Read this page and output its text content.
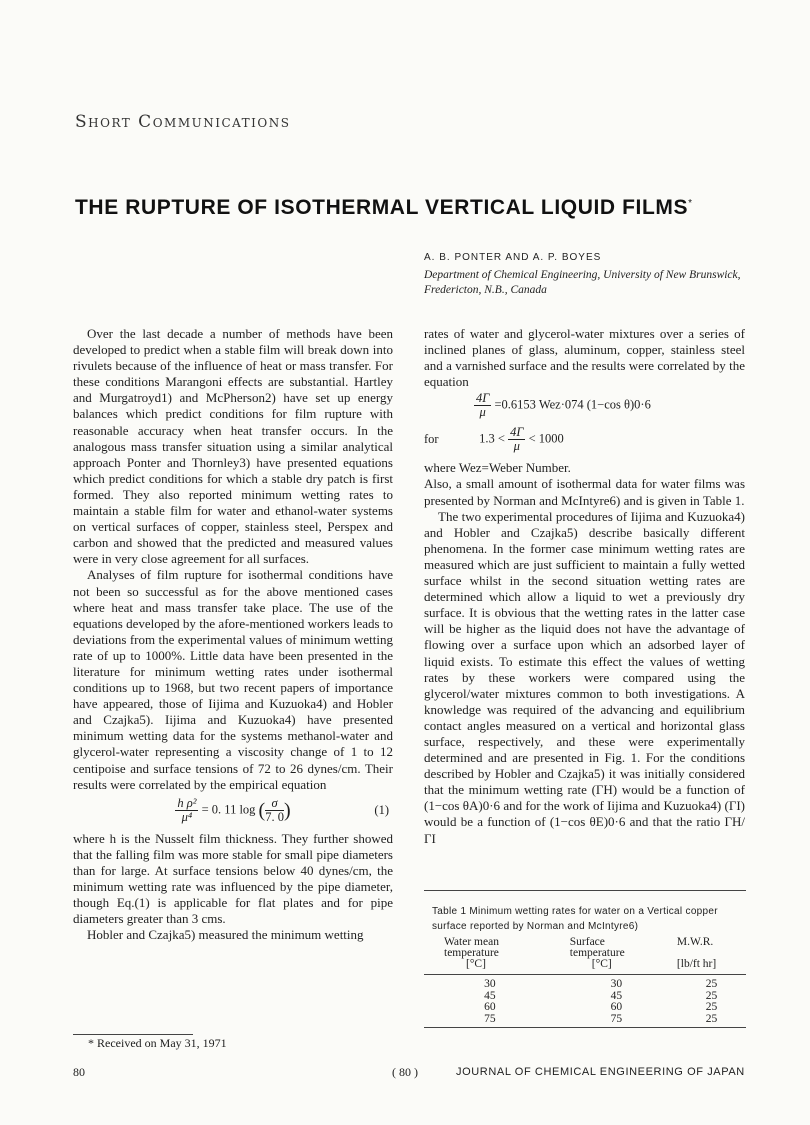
Short Communications
THE RUPTURE OF ISOTHERMAL VERTICAL LIQUID FILMS*
A. B. PONTER AND A. P. BOYES
Department of Chemical Engineering, University of New Brunswick,
Fredericton, N.B., Canada

Over the last decade a number of methods have been developed to predict when a stable film will break down into rivulets because of the influence of heat or mass transfer. For these conditions Marangoni effects are substantial. Hartley and Murgatroyd1) and McPherson2) have set up energy balances which predict conditions for film rupture with reasonable accuracy when heat transfer occurs. In the analogous mass transfer situation using a similar analytical approach Ponter and Thornley3) have presented equations which predict conditions for which a stable dry patch is first formed. They also reported minimum wetting rates to maintain a stable film for water and ethanol-water systems on vertical surfaces of copper, stainless steel, Perspex and carbon and showed that the predicted and measured values were in very close agreement for all surfaces.

Analyses of film rupture for isothermal conditions have not been so successful as for the above mentioned cases where heat and mass transfer take place. The use of the equations developed by the afore-mentioned workers leads to deviations from the experimental values of minimum wetting rate of up to 1000%. Little data have been presented in the literature for minimum wetting rates under isothermal conditions up to 1968, but two recent papers of importance have appeared, those of Iijima and Kuzuoka4) and Hobler and Czajka5). Iijima and Kuzuoka4) have presented minimum wetting data for the systems methanol-water and glycerol-water representing a viscosity change of 1 to 12 centipoise and surface tensions of 72 to 26 dynes/cm. Their results were correlated by the empirical equation

$\frac{\text{h ρ²}}{\text{μ⁴}} = 0$. 11 log ( $\frac{\sigma}{7. 0}$ )	(1)

where h is the Nusselt film thickness. They further showed that the falling film was more stable for small pipe diameters than for large. At surface tensions below 40 dynes/cm, the minimum wetting rate was influenced by the pipe diameter, though Eq.(1) is applicable for flat plates and for pipe diameters greater than 3 cms.

Hobler and Czajka5) measured the minimum wetting

rates of water and glycerol-water mixtures over a series of inclined planes of glass, aluminum, copper, stainless steel and a varnished surface and the results were correlated by the equation

$\frac{4\Gamma}{\mu} =0.6153$ Wez·074 (1−cos θ)0·6
for	$1.3 < \frac{4\Gamma}{\mu} < 1000$

where Wez=Weber Number.

Also, a small amount of isothermal data for water films was presented by Norman and McIntyre6) and is given in Table 1.

The two experimental procedures of Iijima and Kuzuoka4) and Hobler and Czajka5) describe basically different phenomena. In the former case minimum wetting rates are measured which are just sufficient to maintain a fully wetted surface whilst in the second situation wetting rates are determined which allow a liquid to wet a previously dry surface. It is obvious that the wetting rates in the latter case will be higher as the liquid does not have the advantage of flowing over a surface upon which an adsorbed layer of liquid exists. To estimate this effect the values of wetting rates by these workers were compared using the glycerol/water mixtures common to both investigations. A knowledge was required of the advancing and equilibrium contact angles measured on a vertical and horizontal glass surface, respectively, and these were experimentally determined and are presented in Fig. 1. For the conditions described by Hobler and Czajka5) it was initially considered that the minimum wetting rate (ΓH) would be a function of (1−cos θA)0·6 and for the work of Iijima and Kuzuoka4) (ΓI) would be a function of (1−cos θE)0·6 and that the ratio ΓH/ΓI

Table 1 Minimum wetting rates for water on a Vertical copper surface reported by Norman and McIntyre6)
Water mean	Surface	M.W.R.
temperature	temperature	
[°C]	[°C]	[lb/ft hr]
30	30	25
45	45	25
60	60	25
75	75	25
* Received on May 31, 1971
80	( 80 )	JOURNAL OF CHEMICAL ENGINEERING OF JAPAN
